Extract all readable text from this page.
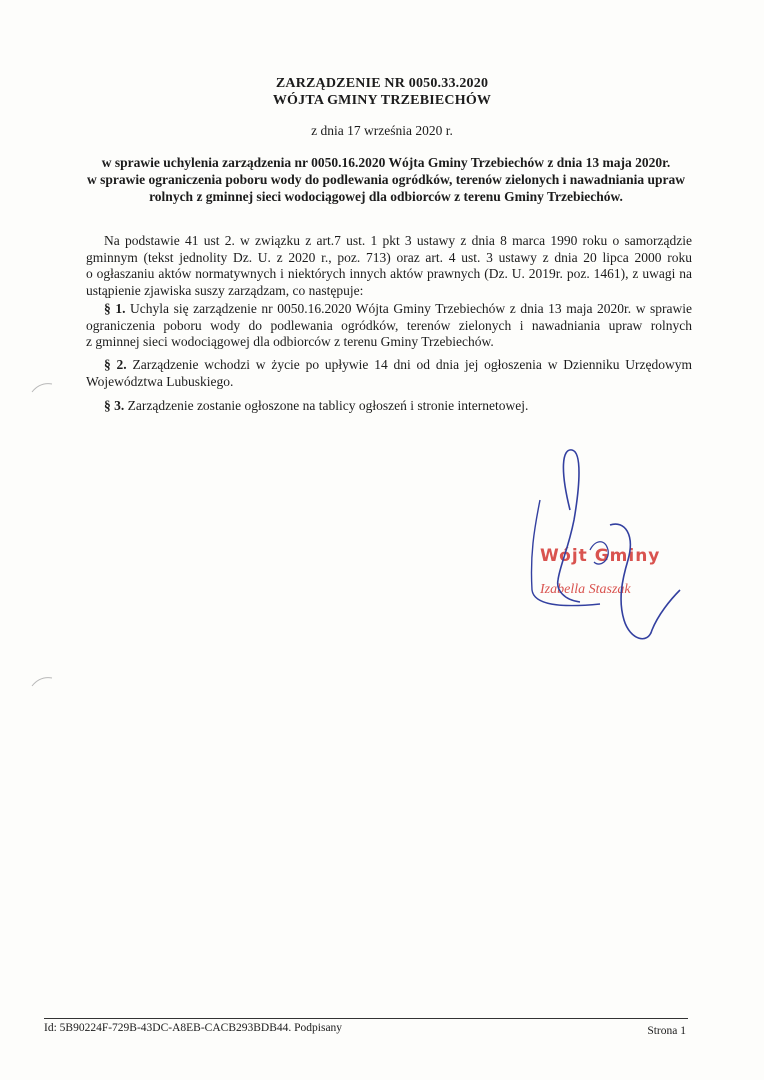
ZARZĄDZENIE NR 0050.33.2020
WÓJTA GMINY TRZEBIECHÓW
z dnia 17 września 2020 r.
w sprawie uchylenia zarządzenia nr 0050.16.2020 Wójta Gminy Trzebiechów z dnia 13 maja 2020r.
w sprawie ograniczenia poboru wody do podlewania ogródków, terenów zielonych i nawadniania upraw
rolnych z gminnej sieci wodociągowej dla odbiorców z terenu Gminy Trzebiechów.
Na podstawie 41 ust 2. w związku z art.7 ust. 1 pkt 3 ustawy z dnia 8 marca 1990 roku o samorządzie
gminnym (tekst jednolity Dz. U. z 2020 r., poz. 713) oraz art. 4 ust. 3 ustawy z dnia 20 lipca 2000 roku
o ogłaszaniu aktów normatywnych i niektórych innych aktów prawnych (Dz. U. 2019r. poz. 1461), z uwagi na
ustąpienie zjawiska suszy zarządzam, co następuje:
§ 1. Uchyla się zarządzenie nr 0050.16.2020 Wójta Gminy Trzebiechów z dnia 13 maja 2020r. w sprawie
ograniczenia poboru wody do podlewania ogródków, terenów zielonych i nawadniania upraw rolnych
z gminnej sieci wodociągowej dla odbiorców z terenu Gminy Trzebiechów.
§ 2. Zarządzenie wchodzi w życie po upływie 14 dni od dnia jej ogłoszenia w Dzienniku Urzędowym
Województwa Lubuskiego.
§ 3. Zarządzenie zostanie ogłoszone na tablicy ogłoszeń i stronie internetowej.
Wójt Gminy
Izabella Staszak
Id: 5B90224F-729B-43DC-A8EB-CACB293BDB44. Podpisany	Strona 1
